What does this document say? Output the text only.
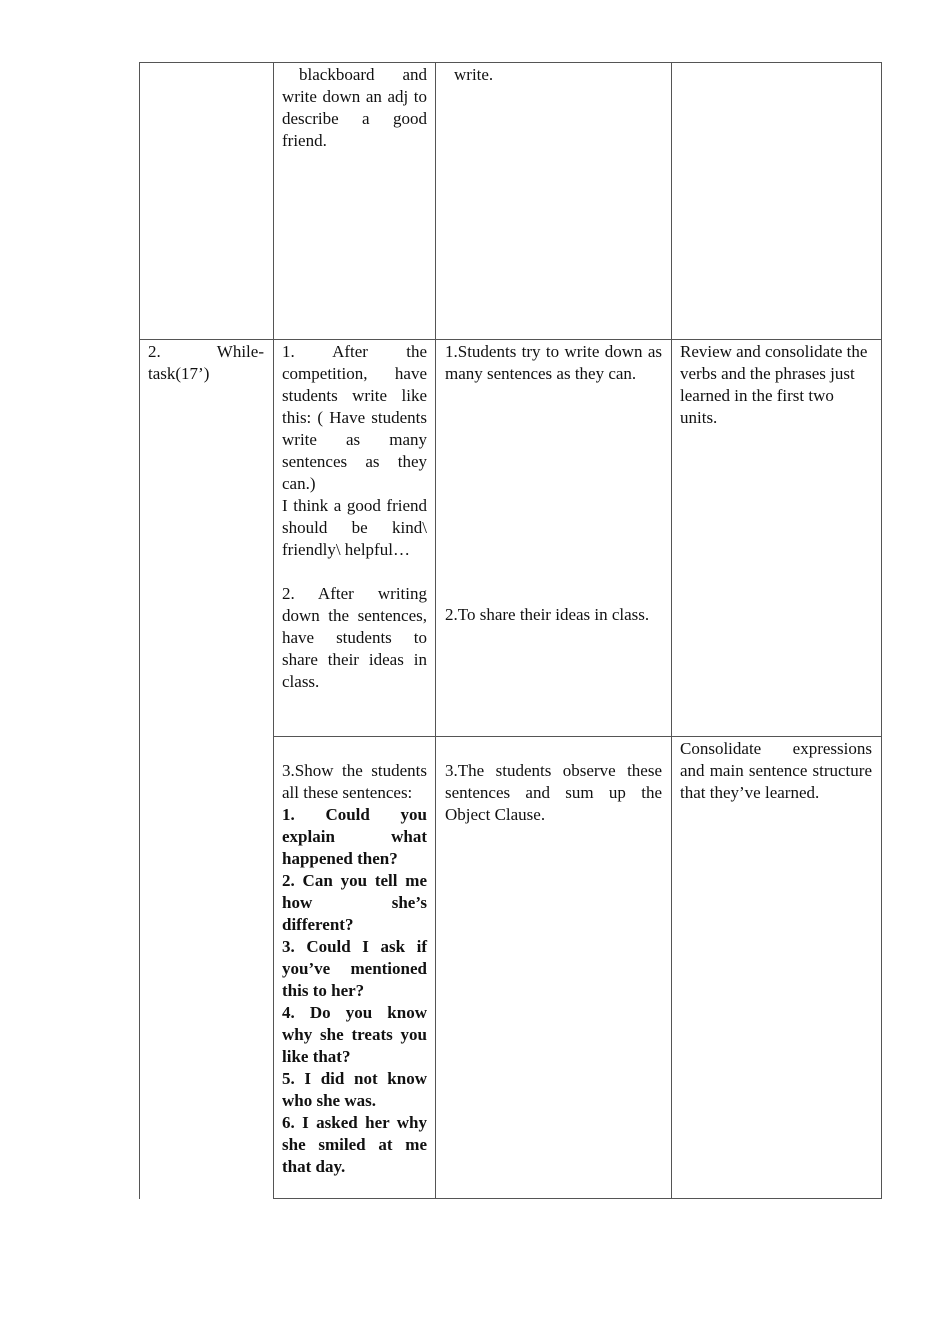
blackboard and write down an adj to describe a good friend.

write.

2. While-task(17’)

1. After the competition, have students write like this: ( Have students write as many sentences as they can.)

I think a good friend should be kind\ friendly\ helpful…

2. After writing down the sentences, have students to share their ideas in class.

1.Students try to write down as many sentences as they can.

2.To share their ideas in class.

Review and consolidate the verbs and the phrases just learned in the first two units.

3.Show the students all these sentences:

1. Could you explain what happened then?

2. Can you tell me how she’s different?

3. Could I ask if you’ve mentioned this to her?

4. Do you know why she treats you like that?

5. I did not know who she was.

6. I asked her why she smiled at me that day.

3.The students observe these sentences and sum up the Object Clause.

Consolidate expressions and main sentence structure that they’ve learned.
